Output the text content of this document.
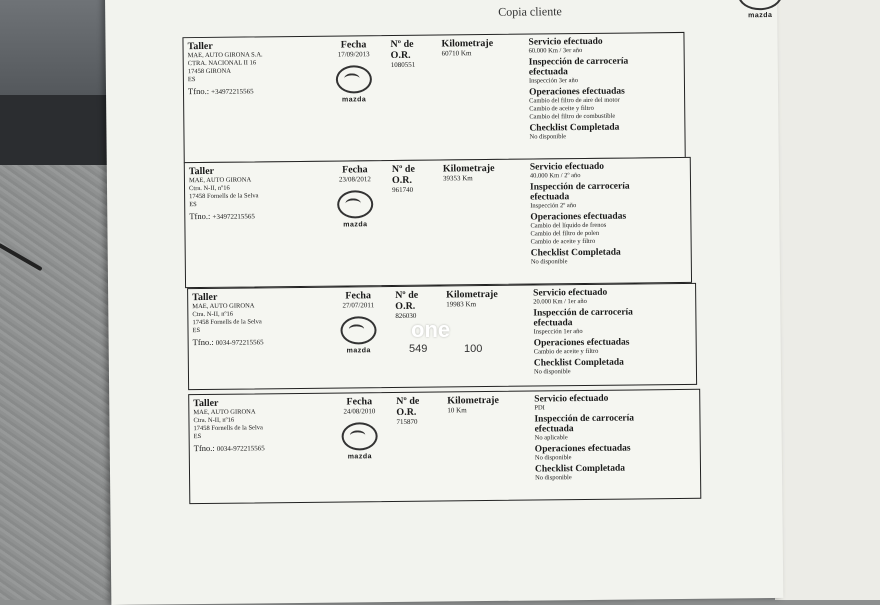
Copia cliente	mazda
Taller
MAE, AUTO GIRONA S.A.
CTRA. NACIONAL II 16
17458 GIRONA
ES
Tfno.: +34972215565
Fecha
17/09/2013
mazda
Nº de
O.R.
1080551
Kilometraje
60710 Km
Servicio efectuado
60.000 Km / 3er año
Inspección de carrocería
efectuada
Inspección 3er año
Operaciones efectuadas
Cambio del filtro de aire del motor
Cambio de aceite y filtro
Cambio del filtro de combustible
Checklist Completada
No disponible
Taller
MAE, AUTO GIRONA
Ctra. N-II, nº16
17458 Fornells de la Selva
ES
Tfno.: +34972215565
Fecha
23/08/2012
mazda
Nº de
O.R.
961740
Kilometraje
39353 Km
Servicio efectuado
40.000 Km / 2º año
Inspección de carrocería
efectuada
Inspección 2º año
Operaciones efectuadas
Cambio del líquido de frenos
Cambio del filtro de polen
Cambio de aceite y filtro
Checklist Completada
No disponible
Taller
MAE, AUTO GIRONA
Ctra. N-II, nº16
17458 Fornells de la Selva
ES
Tfno.: 0034-972215565
Fecha
27/07/2011
mazda
Nº de
O.R.
826030
Kilometraje
19983 Km
Servicio efectuado
20.000 Km / 1er año
Inspección de carrocería
efectuada
Inspección 1er año
Operaciones efectuadas
Cambio de aceite y filtro
Checklist Completada
No disponible
Taller
MAE, AUTO GIRONA
Ctra. N-II, nº16
17458 Fornells de la Selva
ES
Tfno.: 0034-972215565
Fecha
24/08/2010
mazda
Nº de
O.R.
715870
Kilometraje
10 Km
Servicio efectuado
PDI
Inspección de carrocería
efectuada
No aplicable
Operaciones efectuadas
No disponible
Checklist Completada
No disponible
one
549	100
